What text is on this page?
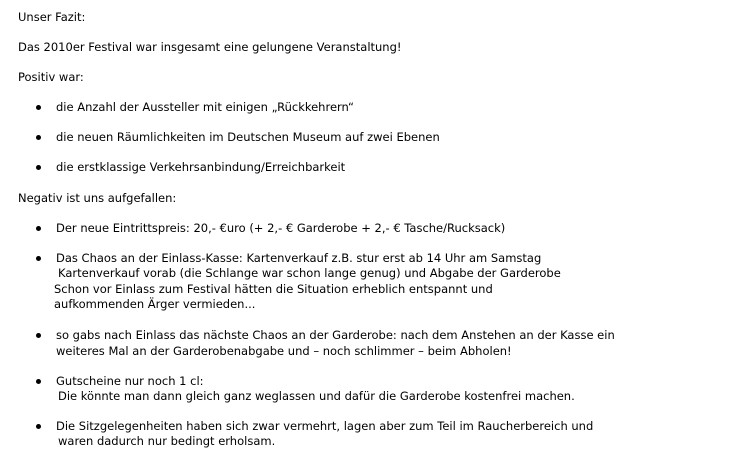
Unser Fazit:
Das 2010er Festival war insgesamt eine gelungene Veranstaltung!
Positiv war:
die Anzahl der Aussteller mit einigen „Rückkehrern“
die neuen Räumlichkeiten im Deutschen Museum auf zwei Ebenen
die erstklassige Verkehrsanbindung/Erreichbarkeit
Negativ ist uns aufgefallen:
Der neue Eintrittspreis: 20,- €uro (+ 2,- € Garderobe + 2,- € Tasche/Rucksack)
Das Chaos an der Einlass-Kasse: Kartenverkauf z.B. stur erst ab 14 Uhr am Samstag
Kartenverkauf vorab (die Schlange war schon lange genug) und Abgabe der Garderobe
Schon vor Einlass zum Festival hätten die Situation erheblich entspannt und
aufkommenden Ärger vermieden...
so gabs nach Einlass das nächste Chaos an der Garderobe: nach dem Anstehen an der Kasse ein
weiteres Mal an der Garderobenabgabe und – noch schlimmer – beim Abholen!
Gutscheine nur noch 1 cl:
Die könnte man dann gleich ganz weglassen und dafür die Garderobe kostenfrei machen.
Die Sitzgelegenheiten haben sich zwar vermehrt, lagen aber zum Teil im Raucherbereich und
waren dadurch nur bedingt erholsam.
